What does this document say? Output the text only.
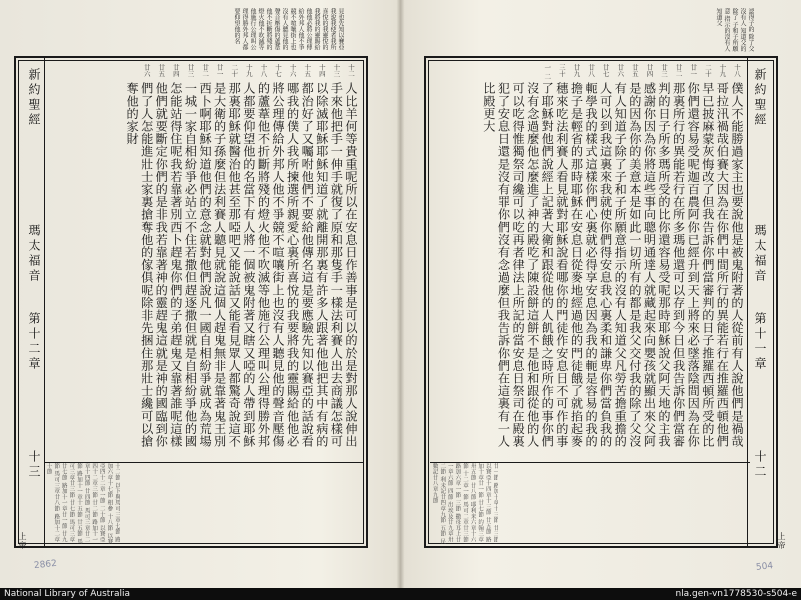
見也先知以賽亞 我說我使者我所 喜悅的我靈悅的 我將我的靈賜給 他他必將公理傳 給外邦人他不爭 競不喧嚷街上也 沒有人聽見他的 聲音壓傷的蘆葦 他不折斷將殘的 燈火他不吹滅等 他施行公理叫公 理得勝外邦人都 要仰望他的名
新約聖經
瑪太福音
第十二章
十三
十二 十三 十四 十五 十六 十七 十八 十九 二十 廿一 廿二 廿三 廿四 廿五 廿六
人比羊何等貴重呢所以在安息日作善事是可以的於是對那人說伸出手來他把手一伸手就復了原和那隻手一樣法利賽人出去商議怎樣可以除滅耶穌耶穌知道了就離開那裏有許多人跟著他他把其中有病的都治好了又囑咐他們不要給他傳名這是要應驗先知以賽亞的話說看哪我的僕人我所揀選所親愛心裏所喜悅的我要將我的靈賜給他他必將公理傳給外邦人他不爭競不喧嚷街上也沒有人聽見他的聲音壓傷的蘆葦他不折斷將殘的燈火他不吹滅等他施行公理叫公理得勝外邦人都要仰望他的名當下有人將一個被鬼附著又瞎又啞的人帶到耶穌那裏耶穌就醫治他甚至那啞吧又能說話又能看見眾人都驚奇說這不是大衛的子孫麼但法利賽人聽見就說這個人趕鬼無非是靠著鬼王別西卜啊耶穌知道他們的意念就對他們說凡一國自相紛爭就成為荒場一城一家自相紛爭必站立不住若撒但趕逐撒但就是自相紛爭他的國怎能站得住呢我若靠著別西卜趕鬼你們的子弟趕鬼又靠著誰呢這樣他們就要斷定你們的是非我若靠著神的靈趕鬼這就是神的國臨到你們了人怎能進壯士家裏搶奪他的傢俱呢除非先捆住那壯士纔可以搶奪他的家財
十二節 以下與馬可三章七節 路加六章十七節 相參 十八節 以賽亞四十二章一節 二十節 以賽亞四十二章三節 廿二節 路加十一章十四節 廿四節 馬可三章廿二節 路加十一章十五節 廿五節 馬可三章廿三節 廿七節 馬可三章廿七節 路加十一章廿一節 廿九節 馬可三章廿八節 路加十二章十節
上帝
2862
認得子的 除了父沒有人 知道父的除了 子和子所願意 指示的沒有人 知道父
新約聖經
瑪太福音
第十一章
十二
十八 十九 二十 廿一 廿二 廿三 廿四 廿五 廿六 廿七 廿八 廿九 三十 一 二
僕人不能勝過家主也要說他是被鬼附著的人從前有人說他們是禍哉哥拉汛禍哉伯賽大因為在你們中間所行的異能若行在推羅西頓他們早已披麻蒙灰悔改了但我告訴你們當審判的日子推羅西頓所受的比你們還容易受呢迦百農阿你已經升到天上將來必墜落陰間因為在你那裏所行的異能若行在所多瑪他還可以存到今日但我告訴你們當審判的日子所多瑪所受的比你還容易受呢那時耶穌說父阿天地的主我感謝你因為你將這些事向聰明通達人就藏起來向嬰孩就顯出來父阿是的因為你的美意本是如此一切所有的都是我父交付我的除了父沒有人知道子除了子和子所願意指示的沒有人知道父凡勞苦擔重擔的人可以到我這裏來我就使你們得安息我心裏柔和謙卑你們當負我的軛學我的樣式這樣你們心裏就必得享安息因為我的軛是容易的我的擔子是輕省的那時耶穌在安息日從麥地經過他的門徒餓了就掐起麥穗來吃法利賽人看見就對耶穌說看哪你的門徒作安息日不可作的事了耶穌對他們說經上記著大衛和跟從他的人飢餓之時所作的事你們沒有念過麼他怎麼進了神的殿吃了陳設餅這餅不是他和跟從他的人可以吃得惟獨祭司纔可以吃再者律法上所記的當安息日祭司在殿裏犯了安息日還是沒有罪你們沒有念過麼但我告訴你們在這裏有一人比殿更大
廿一節 路加十章十三節 廿三節 以賽亞十四章十三節 廿五節 路加十章廿一節 廿七節 約翰三章卅五節 廿八節 耶利米六章十六節 十二章一節 馬可二章廿三節 路加六章一節 三節 撒母耳上廿一章六節 四節 出埃及廿九章卅二節 利未記廿四章九節 五節 民數記廿八章九節
上帝
504
National Library of Australia	nla.gen-vn1778530-s504-e
